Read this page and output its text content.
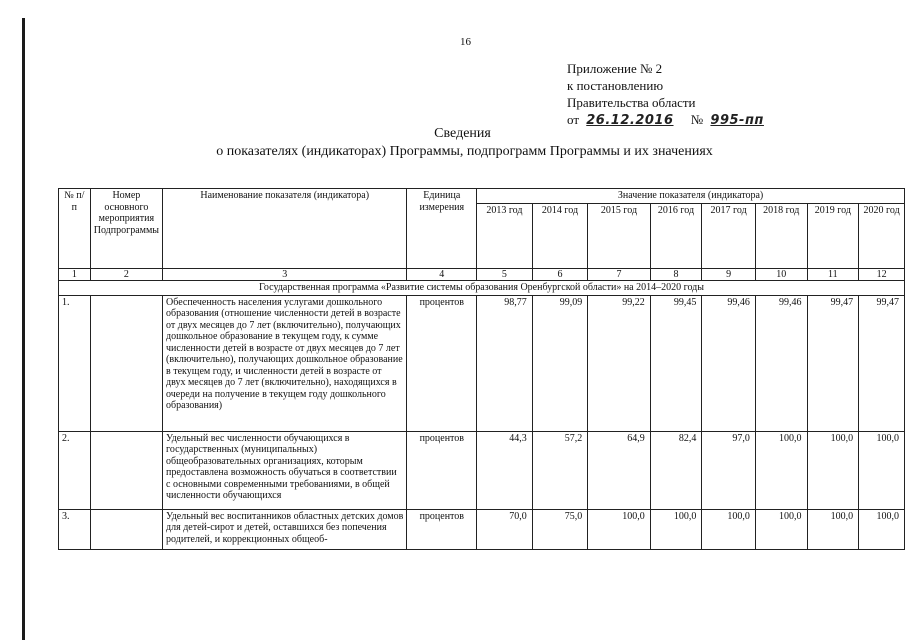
16
Приложение № 2
к постановлению
Правительства области
от 26.12.2016 № 995-пп
Сведения
о показателях (индикаторах) Программы, подпрограмм Программы и их значениях
№ п/п	Номер основного мероприятия Подпрограммы	Наименование показателя (индикатора)	Единица измерения	Значение показателя (индикатора)							
				2013 год	2014 год	2015 год	2016 год	2017 год	2018 год	2019 год	2020 год
1	2	3	4	5	6	7	8	9	10	11	12
Государственная программа «Развитие системы образования Оренбургской области» на 2014–2020 годы											
1.		Обеспеченность населения услугами дошкольного образования (отношение численности детей в возрасте от двух месяцев до 7 лет (включительно), получающих дошкольное образование в текущем году, к сумме численности детей в возрасте от двух месяцев до 7 лет (включительно), получающих дошкольное образование в текущем году, и численности детей в возрасте от двух месяцев до 7 лет (включительно), находящихся в очереди на получение в текущем году дошкольного образования)	процентов	98,77	99,09	99,22	99,45	99,46	99,46	99,47	99,47
2.		Удельный вес численности обучающихся в государственных (муниципальных) общеобразовательных организациях, которым предоставлена возможность обучаться в соответствии с основными современными требованиями, в общей численности обучающихся	процентов	44,3	57,2	64,9	82,4	97,0	100,0	100,0	100,0
3.		Удельный вес воспитанников областных детских домов для детей-сирот и детей, оставшихся без попечения родителей, и коррекционных общеоб-	процентов	70,0	75,0	100,0	100,0	100,0	100,0	100,0	100,0
